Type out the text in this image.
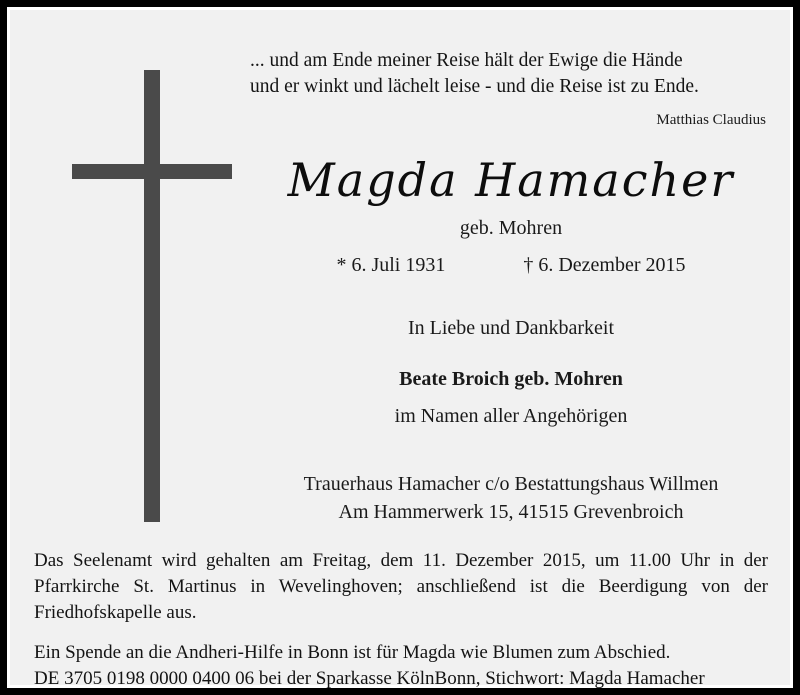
... und am Ende meiner Reise hält der Ewige die Hände
und er winkt und lächelt leise - und die Reise ist zu Ende.
Matthias Claudius
Magda Hamacher
geb. Mohren
* 6. Juli 1931	† 6. Dezember 2015
In Liebe und Dankbarkeit
Beate Broich geb. Mohren
im Namen aller Angehörigen
Trauerhaus Hamacher c/o Bestattungshaus Willmen
Am Hammerwerk 15, 41515 Grevenbroich

Das Seelenamt wird gehalten am Freitag, dem 11. Dezember 2015, um 11.00 Uhr in der Pfarrkirche St. Martinus in Wevelinghoven; anschließend ist die Beerdigung von der Friedhofskapelle aus.

Ein Spende an die Andheri-Hilfe in Bonn ist für Magda wie Blumen zum Abschied.

DE 3705 0198 0000 0400 06 bei der Sparkasse KölnBonn, Stichwort: Magda Hamacher
